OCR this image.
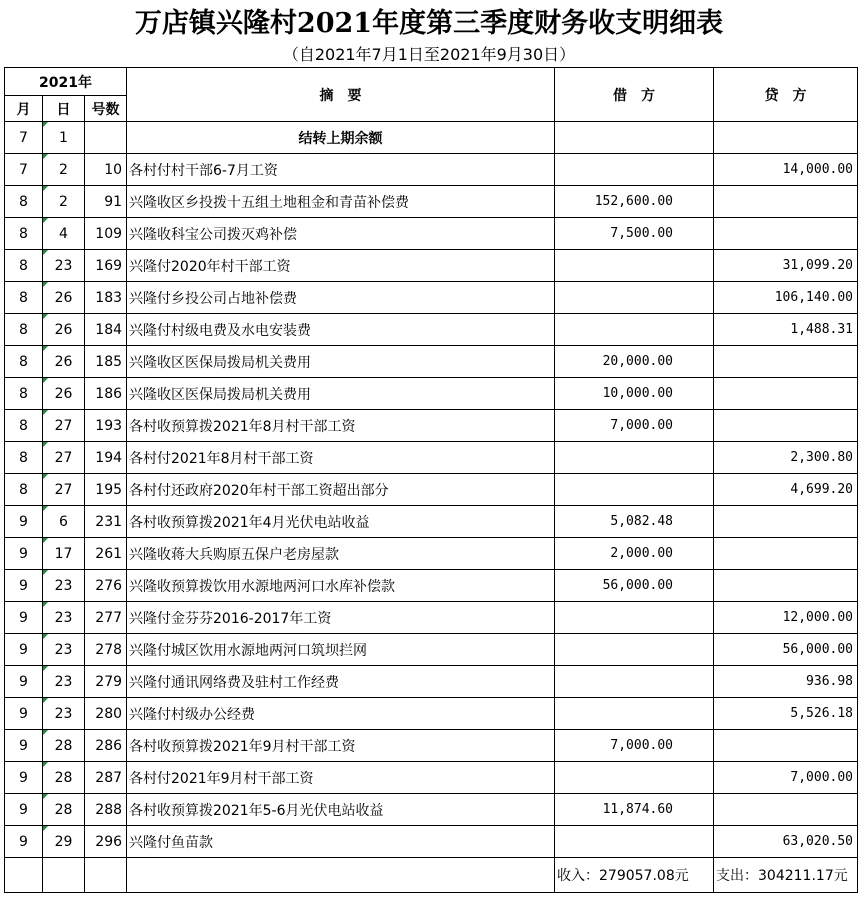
万店镇兴隆村2021年度第三季度财务收支明细表
（自2021年7月1日至2021年9月30日）
2021年			摘　要	借　方	贷　方
月	日	号数			
7	1		结转上期余额		
7	2	10	各村付村干部6-7月工资		14,000.00
8	2	91	兴隆收区乡投拨十五组土地租金和青苗补偿费	152,600.00	
8	4	109	兴隆收科宝公司拨灭鸡补偿	7,500.00	
8	23	169	兴隆付2020年村干部工资		31,099.20
8	26	183	兴隆付乡投公司占地补偿费		106,140.00
8	26	184	兴隆付村级电费及水电安装费		1,488.31
8	26	185	兴隆收区医保局拨局机关费用	20,000.00	
8	26	186	兴隆收区医保局拨局机关费用	10,000.00	
8	27	193	各村收预算拨2021年8月村干部工资	7,000.00	
8	27	194	各村付2021年8月村干部工资		2,300.80
8	27	195	各村付还政府2020年村干部工资超出部分		4,699.20
9	6	231	各村收预算拨2021年4月光伏电站收益	5,082.48	
9	17	261	兴隆收蒋大兵购原五保户老房屋款	2,000.00	
9	23	276	兴隆收预算拨饮用水源地两河口水库补偿款	56,000.00	
9	23	277	兴隆付金芬芬2016-2017年工资		12,000.00
9	23	278	兴隆付城区饮用水源地两河口筑坝拦网		56,000.00
9	23	279	兴隆付通讯网络费及驻村工作经费		936.98
9	23	280	兴隆付村级办公经费		5,526.18
9	28	286	各村收预算拨2021年9月村干部工资	7,000.00	
9	28	287	各村付2021年9月村干部工资		7,000.00
9	28	288	各村收预算拨2021年5-6月光伏电站收益	11,874.60	
9	29	296	兴隆付鱼苗款		63,020.50
				收入：279057.08元	支出：304211.17元
